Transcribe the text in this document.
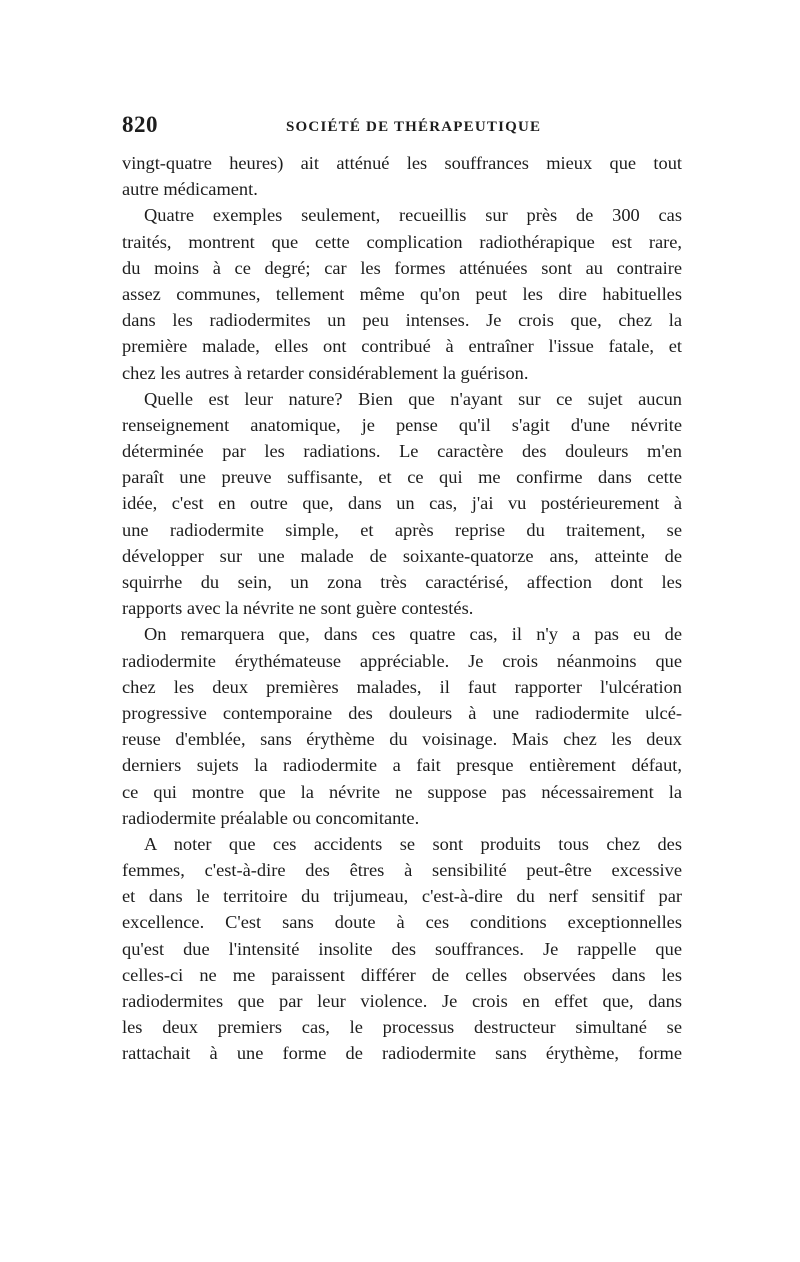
820	SOCIÉTÉ DE THÉRAPEUTIQUE
vingt-quatre heures) ait atténué les souffrances mieux que tout
autre médicament.
Quatre exemples seulement, recueillis sur près de 300 cas
traités, montrent que cette complication radiothérapique est rare,
du moins à ce degré; car les formes atténuées sont au contraire
assez communes, tellement même qu'on peut les dire habituelles
dans les radiodermites un peu intenses. Je crois que, chez la
première malade, elles ont contribué à entraîner l'issue fatale, et
chez les autres à retarder considérablement la guérison.
Quelle est leur nature? Bien que n'ayant sur ce sujet aucun
renseignement anatomique, je pense qu'il s'agit d'une névrite
déterminée par les radiations. Le caractère des douleurs m'en
paraît une preuve suffisante, et ce qui me confirme dans cette
idée, c'est en outre que, dans un cas, j'ai vu postérieurement à
une radiodermite simple, et après reprise du traitement, se
développer sur une malade de soixante-quatorze ans, atteinte de
squirrhe du sein, un zona très caractérisé, affection dont les
rapports avec la névrite ne sont guère contestés.
On remarquera que, dans ces quatre cas, il n'y a pas eu de
radiodermite érythémateuse appréciable. Je crois néanmoins que
chez les deux premières malades, il faut rapporter l'ulcération
progressive contemporaine des douleurs à une radiodermite ulcé-
reuse d'emblée, sans érythème du voisinage. Mais chez les deux
derniers sujets la radiodermite a fait presque entièrement défaut,
ce qui montre que la névrite ne suppose pas nécessairement la
radiodermite préalable ou concomitante.
A noter que ces accidents se sont produits tous chez des
femmes, c'est-à-dire des êtres à sensibilité peut-être excessive
et dans le territoire du trijumeau, c'est-à-dire du nerf sensitif par
excellence. C'est sans doute à ces conditions exceptionnelles
qu'est due l'intensité insolite des souffrances. Je rappelle que
celles-ci ne me paraissent différer de celles observées dans les
radiodermites que par leur violence. Je crois en effet que, dans
les deux premiers cas, le processus destructeur simultané se
rattachait à une forme de radiodermite sans érythème, forme
